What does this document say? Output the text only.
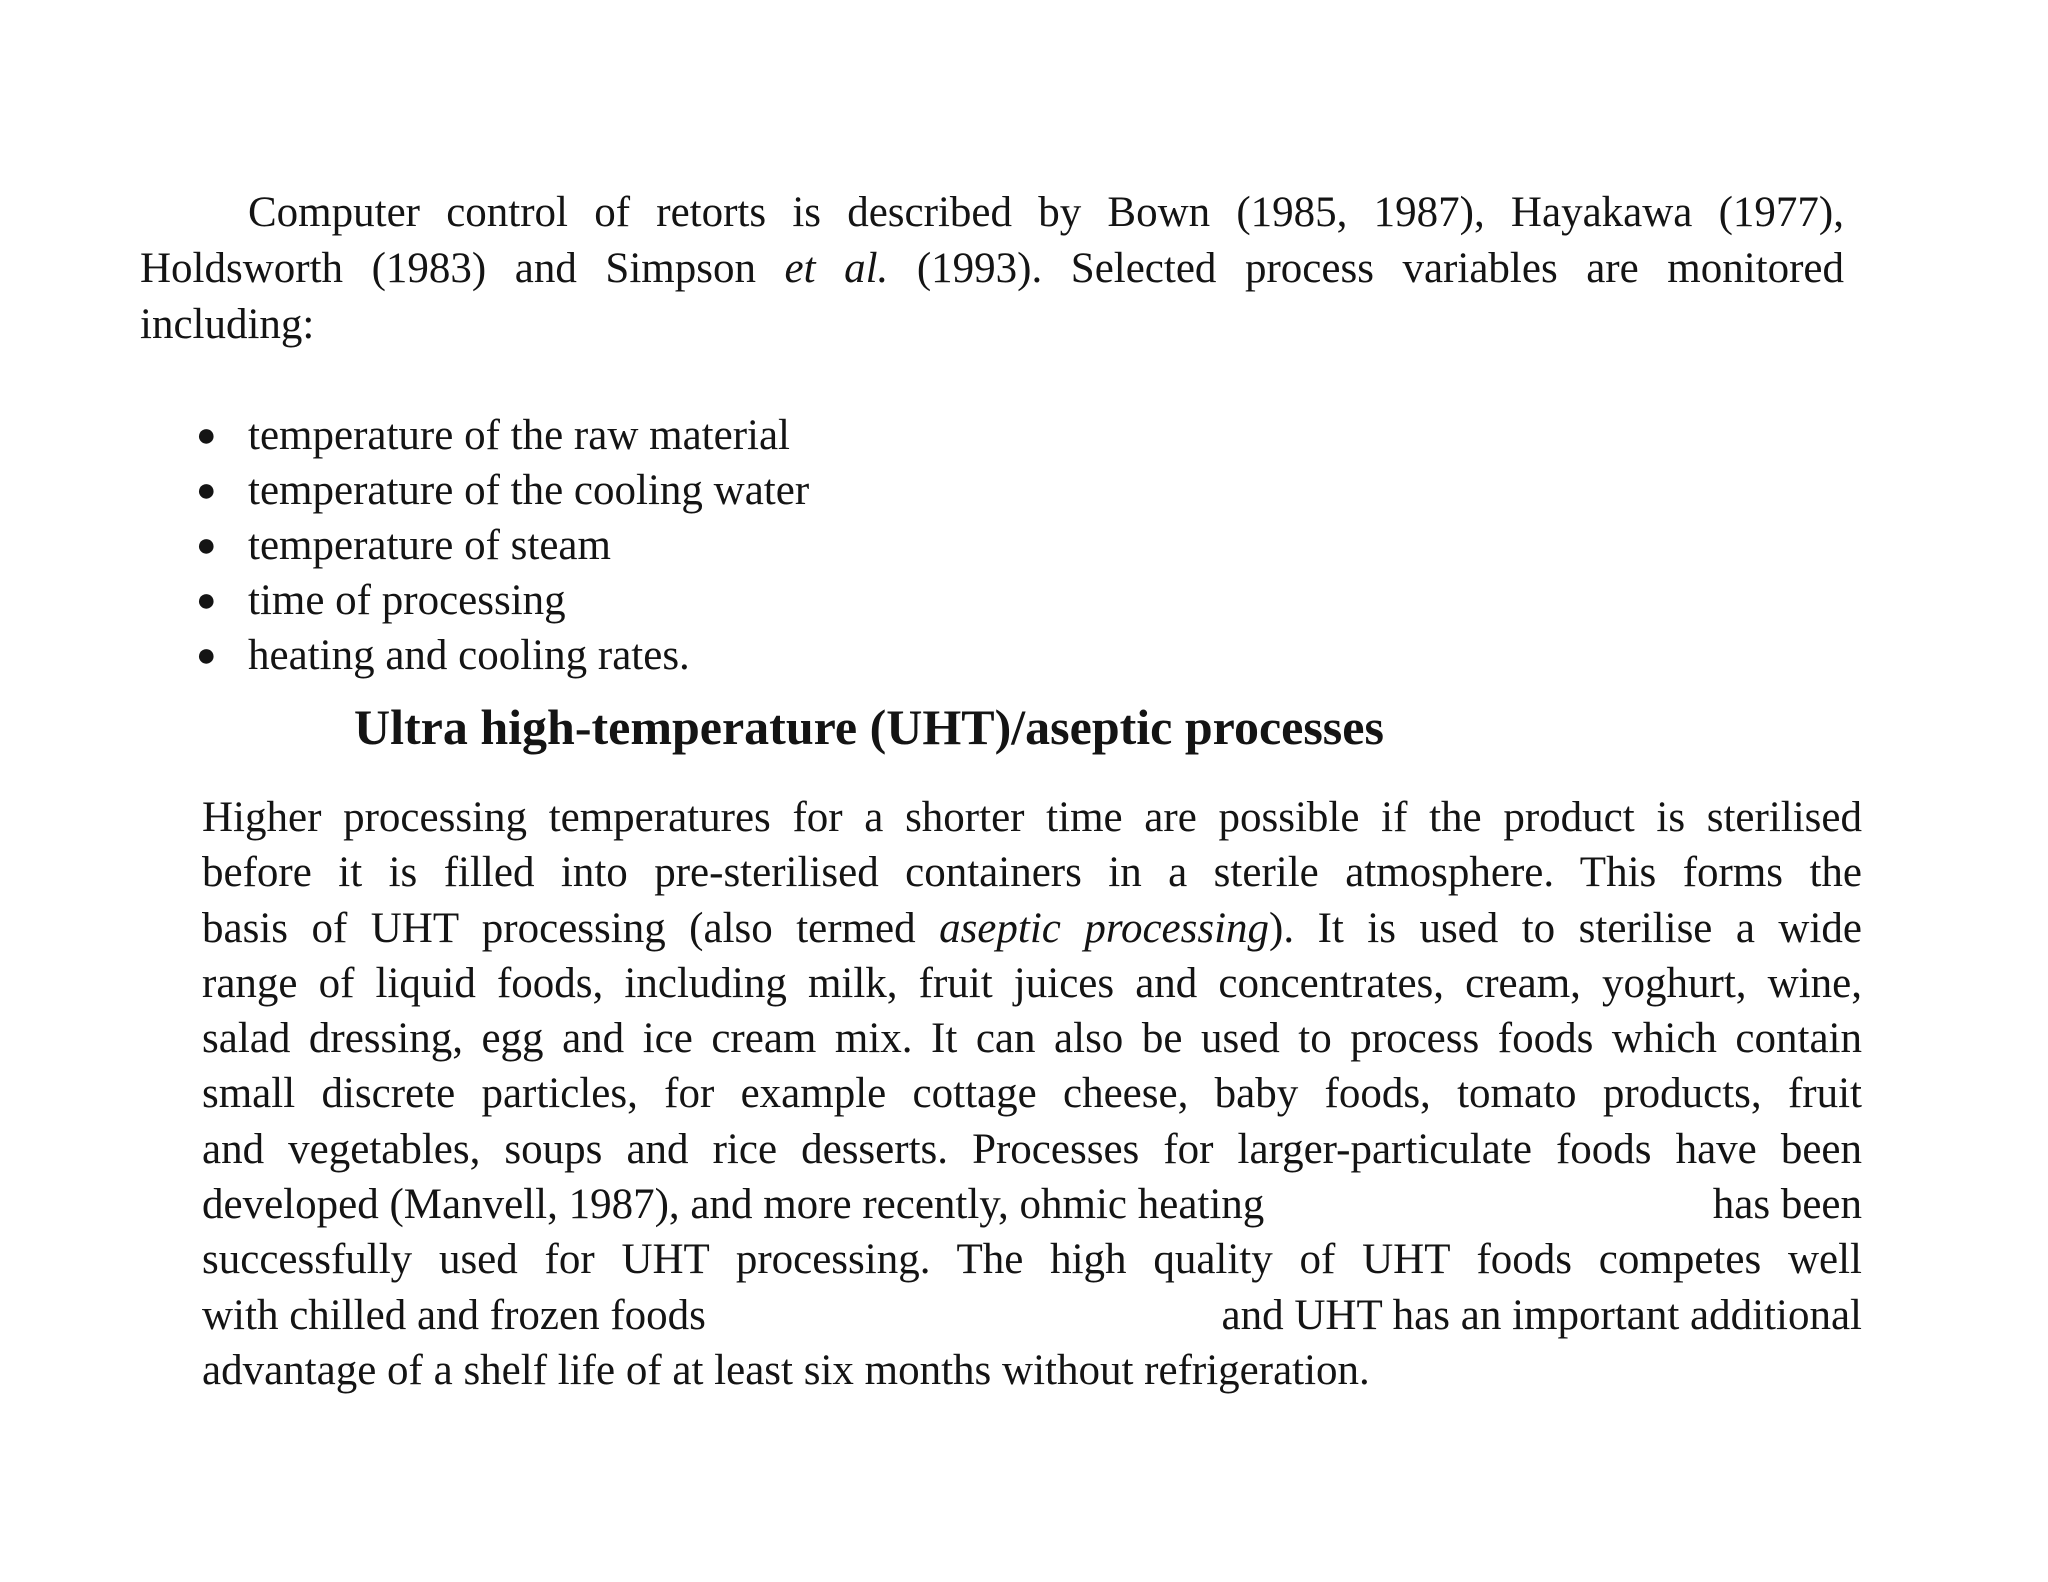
Computer control of retorts is described by Bown (1985, 1987), Hayakawa (1977),
Holdsworth (1983) and Simpson et al. (1993). Selected process variables are monitored
including:

● temperature of the raw material
● temperature of the cooling water
● temperature of steam
● time of processing
● heating and cooling rates.
Ultra high-temperature (UHT)/aseptic processes

Higher processing temperatures for a shorter time are possible if the product is sterilised
before it is filled into pre-sterilised containers in a sterile atmosphere. This forms the
basis of UHT processing (also termed aseptic processing). It is used to sterilise a wide
range of liquid foods, including milk, fruit juices and concentrates, cream, yoghurt, wine,
salad dressing, egg and ice cream mix. It can also be used to process foods which contain
small discrete particles, for example cottage cheese, baby foods, tomato products, fruit
and vegetables, soups and rice desserts. Processes for larger-particulate foods have been
developed (Manvell, 1987), and more recently, ohmic heating	has been
successfully used for UHT processing. The high quality of UHT foods competes well
with chilled and frozen foods	and UHT has an important additional
advantage of a shelf life of at least six months without refrigeration.
